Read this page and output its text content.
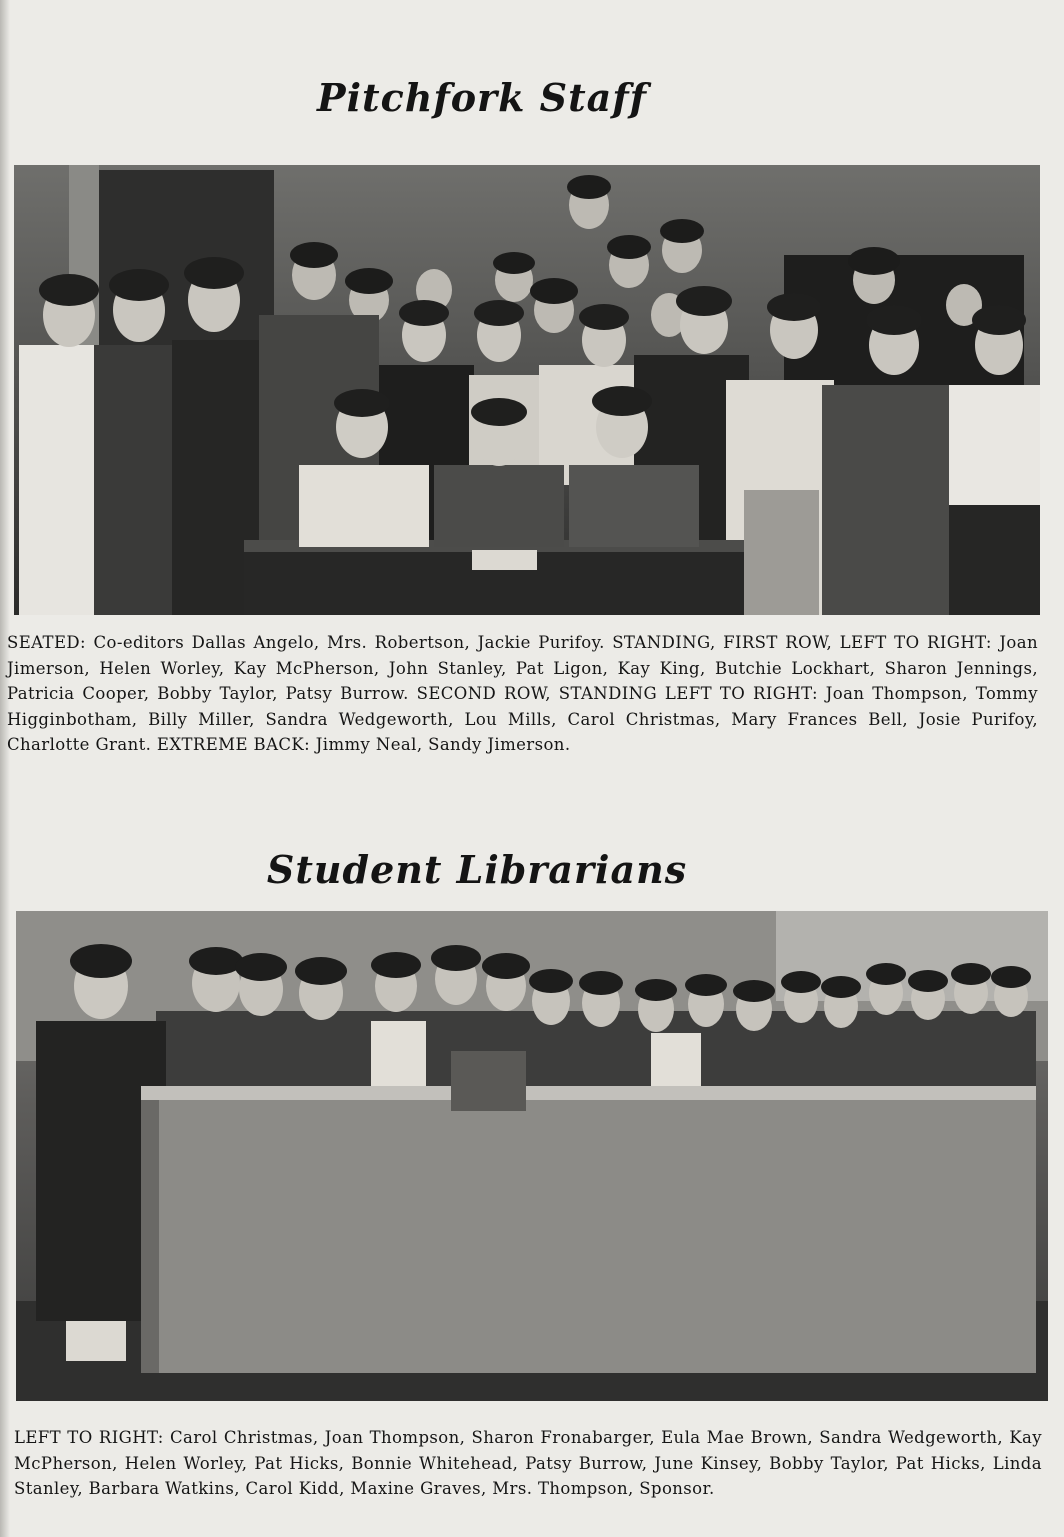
Pitchfork Staff
SEATED: Co-editors Dallas Angelo, Mrs. Robertson, Jackie Purifoy. STANDING, FIRST ROW, LEFT TO RIGHT: Joan Jimerson, Helen Worley, Kay McPherson, John Stanley, Pat Ligon, Kay King, Butchie Lockhart, Sharon Jennings, Patricia Cooper, Bobby Taylor, Patsy Burrow. SECOND ROW, STANDING LEFT TO RIGHT: Joan Thompson, Tommy Higginbotham, Billy Miller, Sandra Wedgeworth, Lou Mills, Carol Christmas, Mary Frances Bell, Josie Purifoy, Charlotte Grant. EXTREME BACK: Jimmy Neal, Sandy Jimerson.
Student Librarians
LEFT TO RIGHT: Carol Christmas, Joan Thompson, Sharon Fronabarger, Eula Mae Brown, Sandra Wedgeworth, Kay McPherson, Helen Worley, Pat Hicks, Bonnie Whitehead, Patsy Burrow, June Kinsey, Bobby Taylor, Pat Hicks, Linda Stanley, Barbara Watkins, Carol Kidd, Maxine Graves, Mrs. Thompson, Sponsor.
